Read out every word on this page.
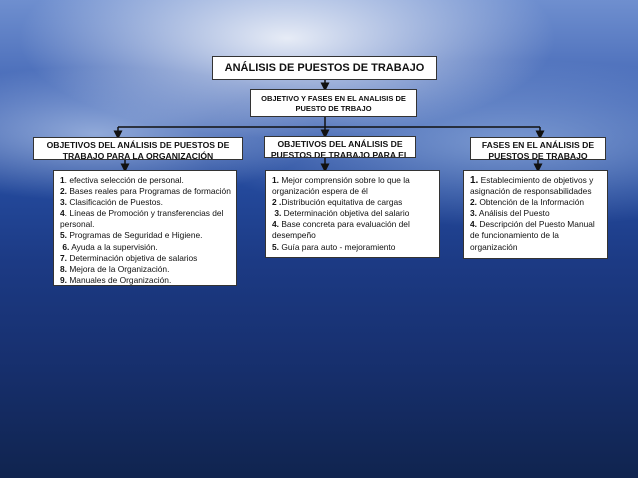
ANÁLISIS DE PUESTOS DE TRABAJO
OBJETIVO Y FASES EN EL ANALISIS DE
PUESTO DE TRBAJO
OBJETIVOS DEL ANÁLISIS DE PUESTOS DE
TRABAJO PARA LA ORGANIZACIÓN
OBJETIVOS DEL ANÁLISIS DE
PUESTOS DE TRABAJO PARA EL
FASES EN EL ANÁLISIS DE
PUESTOS DE TRABAJO
1. efectiva selección de personal.
2. Bases reales para Programas de formación
3. Clasificación de Puestos.
4. Líneas de Promoción y transferencias del personal.
5. Programas de Seguridad e Higiene.
6. Ayuda a la supervisión.
7. Determinación objetiva de salarios
8. Mejora de la Organización.
9. Manuales de Organización.
1. Mejor comprensión sobre lo que la organización espera de él
2 .Distribución equitativa de cargas
3. Determinación objetiva del salario
4. Base concreta para evaluación del desempeño
5. Guía para auto - mejoramiento
1. Establecimiento de objetivos y asignación de responsabilidades
2. Obtención de la Información
3. Análisis del Puesto
4. Descripción del Puesto Manual de funcionamiento de la organización
